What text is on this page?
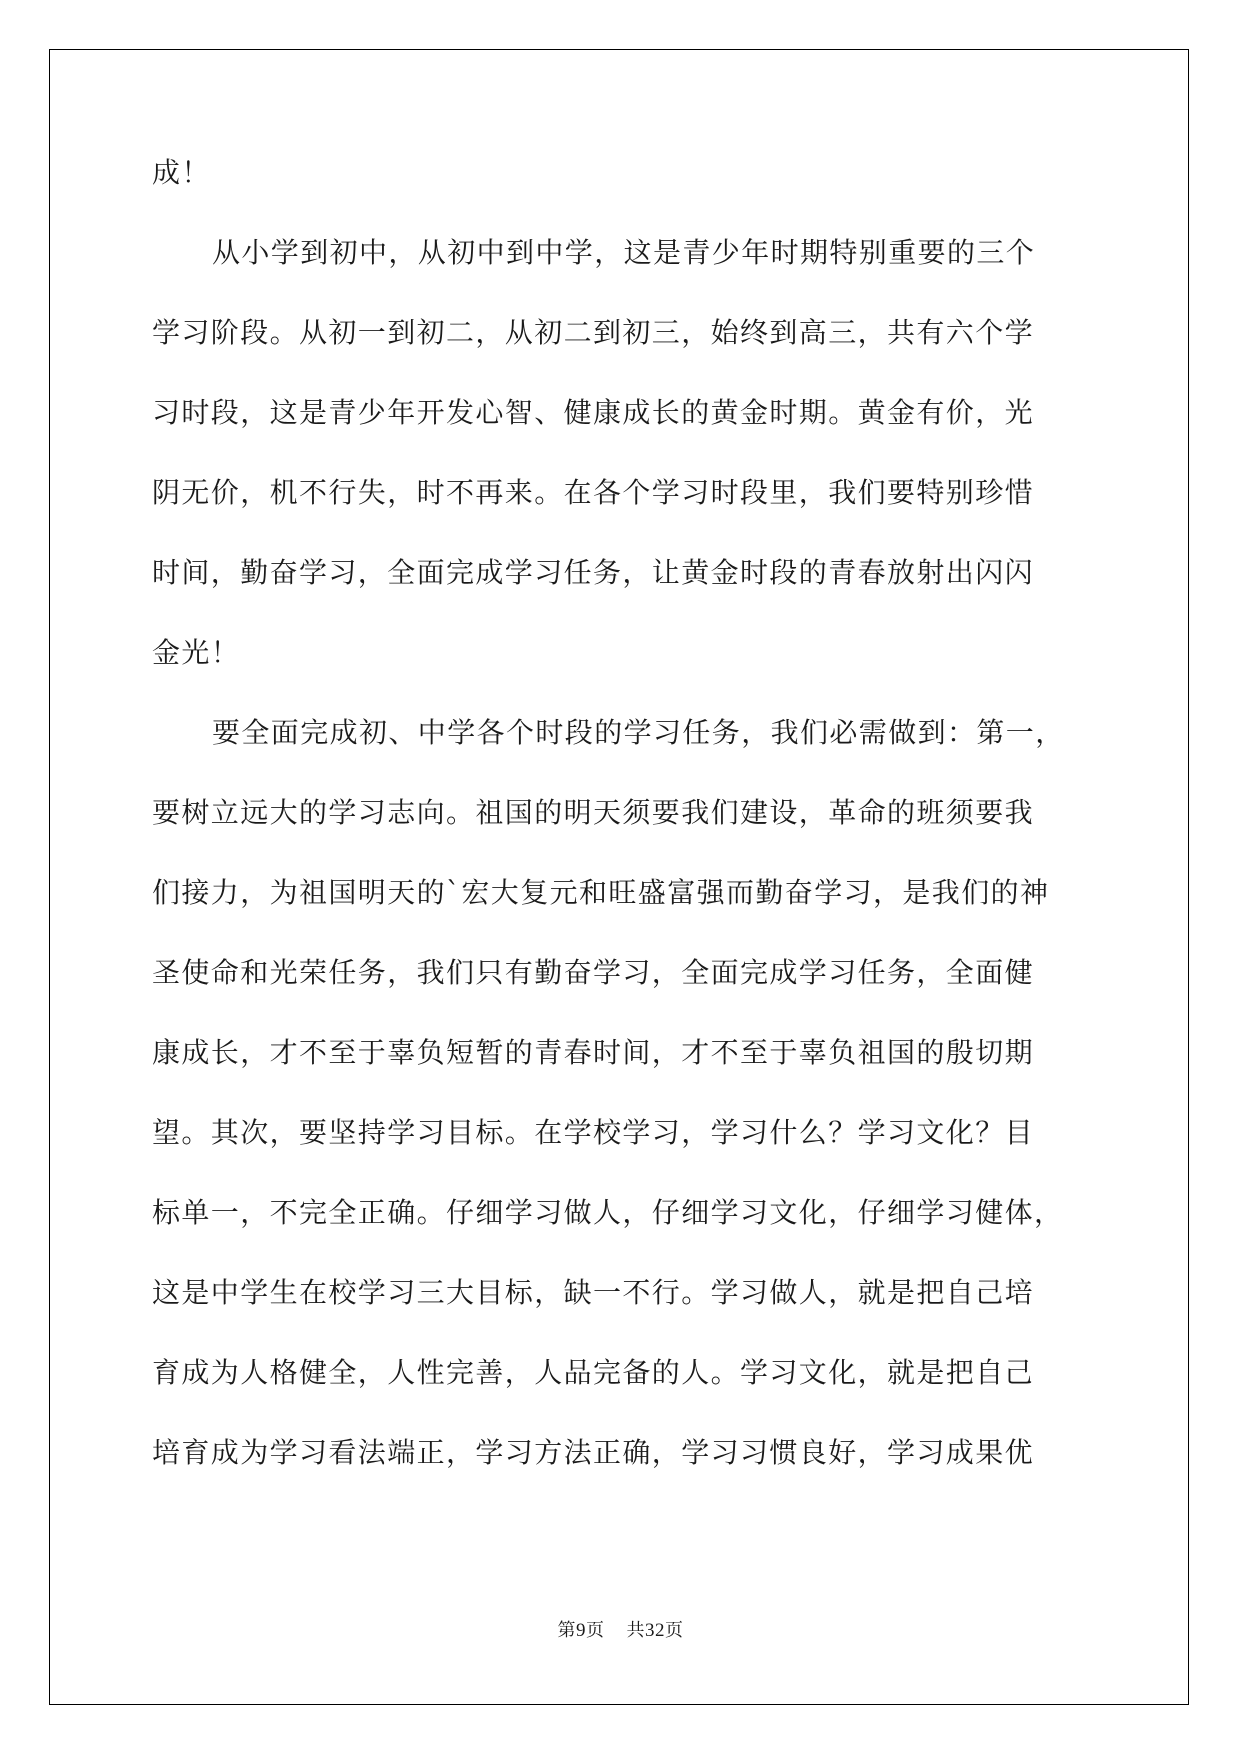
成！
从小学到初中，从初中到中学，这是青少年时期特别重要的三个
学习阶段。从初一到初二，从初二到初三，始终到高三，共有六个学
习时段，这是青少年开发心智、健康成长的黄金时期。黄金有价，光
阴无价，机不行失，时不再来。在各个学习时段里，我们要特别珍惜
时间，勤奋学习，全面完成学习任务，让黄金时段的青春放射出闪闪
金光！
要全面完成初、中学各个时段的学习任务，我们必需做到：第一，
要树立远大的学习志向。祖国的明天须要我们建设，革命的班须要我
们接力，为祖国明天的`宏大复元和旺盛富强而勤奋学习，是我们的神
圣使命和光荣任务，我们只有勤奋学习，全面完成学习任务，全面健
康成长，才不至于辜负短暂的青春时间，才不至于辜负祖国的殷切期
望。其次，要坚持学习目标。在学校学习，学习什么？学习文化？目
标单一，不完全正确。仔细学习做人，仔细学习文化，仔细学习健体，
这是中学生在校学习三大目标，缺一不行。学习做人，就是把自己培
育成为人格健全，人性完善，人品完备的人。学习文化，就是把自己
培育成为学习看法端正，学习方法正确，学习习惯良好，学习成果优
第9页 共32页
